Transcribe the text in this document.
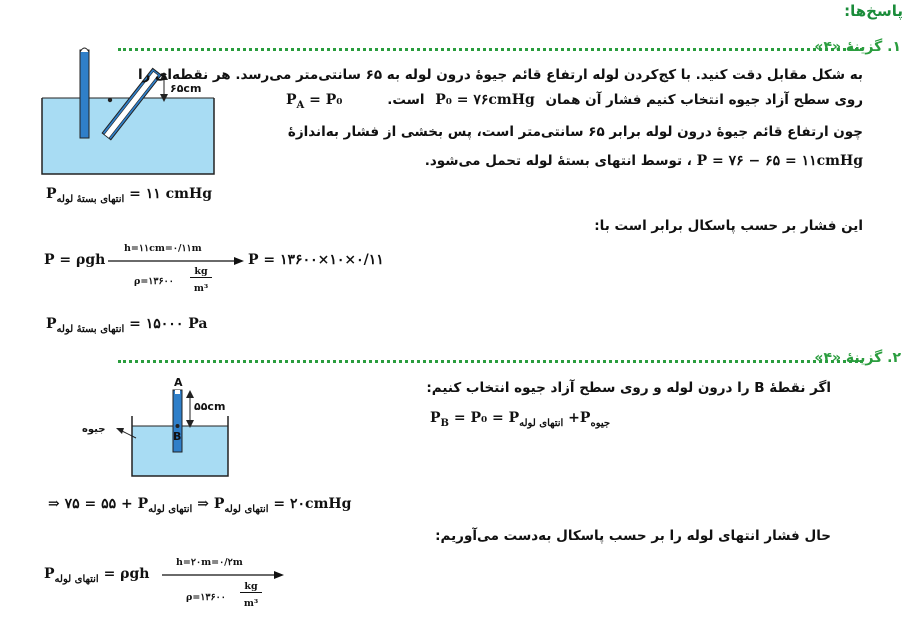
پاسخ‌ها:
۱. گزینهٔ «۴»
۶۵cm
به شکل مقابل دقت کنید. با کج‌کردن لوله ارتفاع قائم جیوهٔ درون لوله به ۶۵ سانتی‌متر می‌رسد. هر نقطه‌ای را
روی سطح آزاد جیوه انتخاب کنیم فشار آن همان P₀ = ۷۶cmHg است.
$P_A = P_0$
چون ارتفاع قائم جیوهٔ درون لوله برابر ۶۵ سانتی‌متر است، پس بخشی از فشار به‌اندازهٔ
P = ۷۶ − ۶۵ = ۱۱cmHg ، توسط انتهای بستهٔ لوله تحمل می‌شود.
$P_{انتهای بستهٔ لوله}$ = ۱۱ cmHg
این فشار بر حسب پاسکال برابر است با:
P = ρgh
h=۱۱cm=۰/۱۱m
ρ=۱۳۶۰۰
kg
m³
P = ۱۳۶۰۰×۱۰×۰/۱۱
$P_{انتهای بستهٔ لوله}$ = ۱۵۰۰۰ Pa
۲. گزینهٔ «۴»
A
B
۵۵cm
جیوه
اگر نقطهٔ B را درون لوله و روی سطح آزاد جیوه انتخاب کنیم:
$P_B = P_0 = P_{انتهای لوله} +P_{جیوه}$
⇒ ۷۵ = ۵۵ + $P_{انتهای لوله}$ ⇒ $P_{انتهای لوله}$ = ۲۰cmHg
حال فشار انتهای لوله را بر حسب پاسکال به‌دست می‌آوریم:
$P_{انتهای لوله} = \rho gh$
h=۲۰m=۰/۲m
ρ=۱۳۶۰۰
kg
m³
